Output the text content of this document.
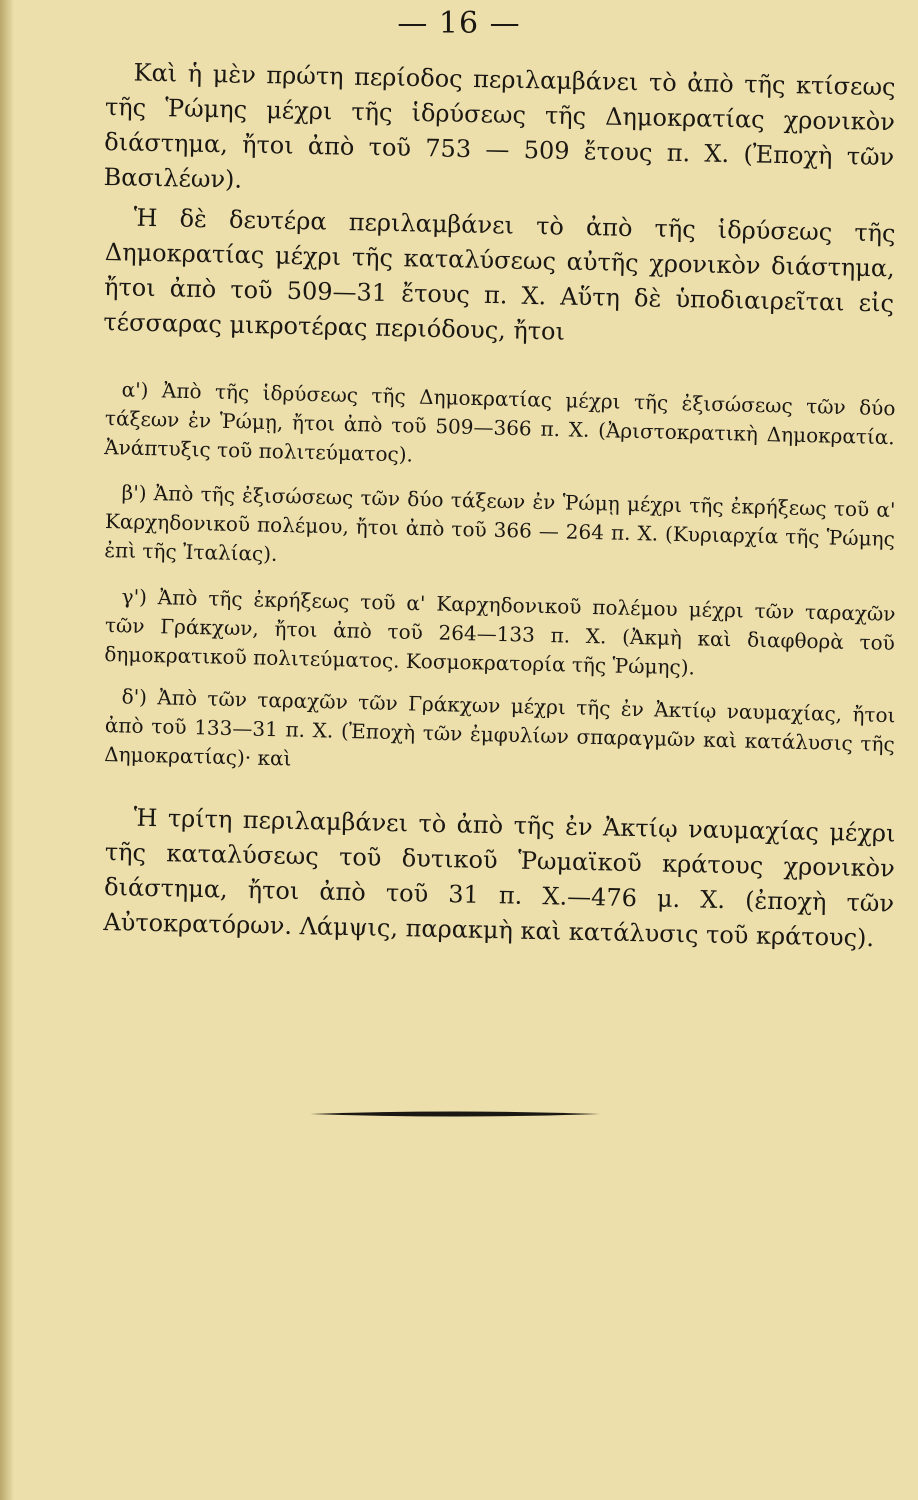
— 16 —

Καὶ ἡ μὲν πρώτη περίοδος περιλαμβάνει τὸ ἀπὸ τῆς κτίσεως τῆς Ῥώμης μέχρι τῆς ἱδρύσεως τῆς Δημοκρατίας χρονικὸν διάστημα, ἤτοι ἀπὸ τοῦ 753 — 509 ἔτους π. Χ. (Ἐποχὴ τῶν Βασιλέων).

Ἡ δὲ δευτέρα περιλαμβάνει τὸ ἀπὸ τῆς ἱδρύσεως τῆς Δημοκρατίας μέχρι τῆς καταλύσεως αὐτῆς χρονικὸν διάστημα, ἤτοι ἀπὸ τοῦ 509—31 ἔτους π. Χ. Αὕτη δὲ ὑποδιαιρεῖται εἰς τέσσαρας μικροτέρας περιόδους, ἤτοι

α') Ἀπὸ τῆς ἱδρύσεως τῆς Δημοκρατίας μέχρι τῆς ἐξισώσεως τῶν δύο τάξεων ἐν Ῥώμῃ, ἤτοι ἀπὸ τοῦ 509—366 π. Χ. (Ἀριστοκρατικὴ Δημοκρατία. Ἀνάπτυξις τοῦ πολιτεύματος).

β') Ἀπὸ τῆς ἐξισώσεως τῶν δύο τάξεων ἐν Ῥώμῃ μέχρι τῆς ἐκρήξεως τοῦ α' Καρχηδονικοῦ πολέμου, ἤτοι ἀπὸ τοῦ 366 — 264 π. Χ. (Κυριαρχία τῆς Ῥώμης ἐπὶ τῆς Ἰταλίας).

γ') Ἀπὸ τῆς ἐκρήξεως τοῦ α' Καρχηδονικοῦ πολέμου μέχρι τῶν ταραχῶν τῶν Γράκχων, ἤτοι ἀπὸ τοῦ 264—133 π. Χ. (Ἀκμὴ καὶ διαφθορὰ τοῦ δημοκρατικοῦ πολιτεύματος. Κοσμοκρατορία τῆς Ῥώμης).

δ') Ἀπὸ τῶν ταραχῶν τῶν Γράκχων μέχρι τῆς ἐν Ἀκτίῳ ναυμαχίας, ἤτοι ἀπὸ τοῦ 133—31 π. Χ. (Ἐποχὴ τῶν ἐμφυλίων σπαραγμῶν καὶ κατάλυσις τῆς Δημοκρατίας)· καὶ

Ἡ τρίτη περιλαμβάνει τὸ ἀπὸ τῆς ἐν Ἀκτίῳ ναυμαχίας μέχρι τῆς καταλύσεως τοῦ δυτικοῦ Ῥωμαϊκοῦ κράτους χρονικὸν διάστημα, ἤτοι ἀπὸ τοῦ 31 π. Χ.—476 μ. Χ. (ἐποχὴ τῶν Αὐτοκρατόρων. Λάμψις, παρακμὴ καὶ κατάλυσις τοῦ κράτους).
